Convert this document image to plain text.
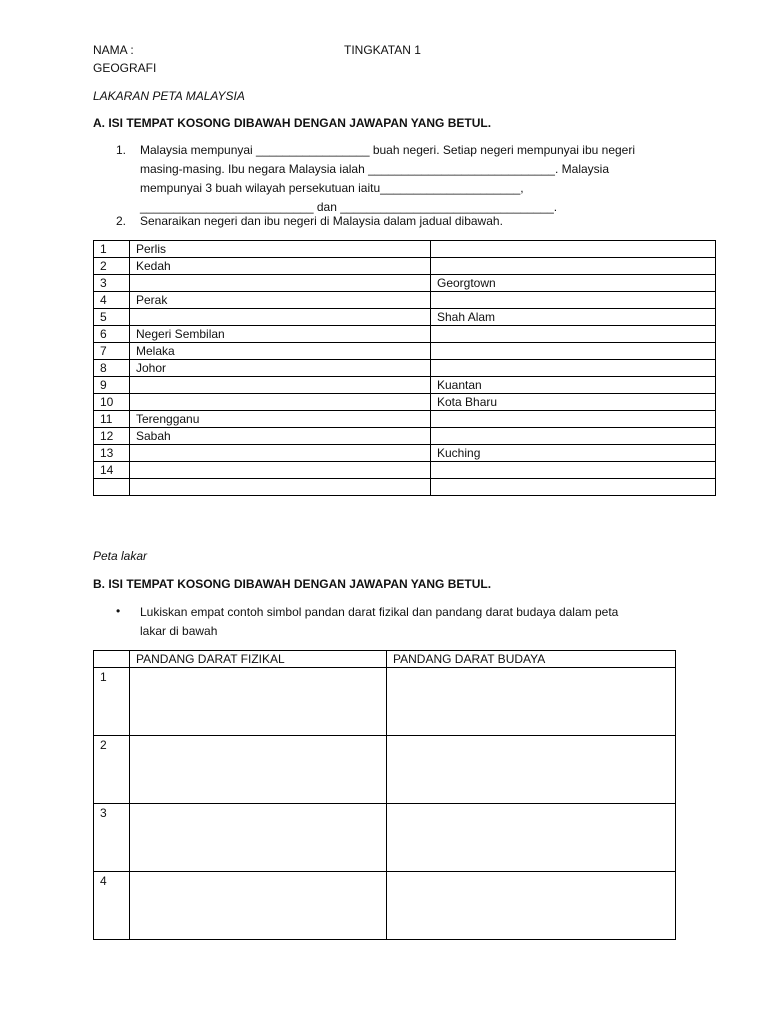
NAMA :	TINGKATAN 1
GEOGRAFI
LAKARAN PETA MALAYSIA
A. ISI TEMPAT KOSONG DIBAWAH DENGAN JAWAPAN YANG BETUL.
1. Malaysia mempunyai _________________ buah negeri. Setiap negeri mempunyai ibu negeri
masing-masing. Ibu negara Malaysia ialah ____________________________. Malaysia
mempunyai 3 buah wilayah persekutuan iaitu_____________________,
__________________________ dan ________________________________.
2. Senaraikan negeri dan ibu negeri di Malaysia dalam jadual dibawah.
1	Perlis	
2	Kedah	
3		Georgtown
4	Perak	
5		Shah Alam
6	Negeri Sembilan	
7	Melaka	
8	Johor	
9		Kuantan
10		Kota Bharu
11	Terengganu	
12	Sabah	
13		Kuching
14		

Peta lakar
B. ISI TEMPAT KOSONG DIBAWAH DENGAN JAWAPAN YANG BETUL.
• Lukiskan empat contoh simbol pandan darat fizikal dan pandang darat budaya dalam peta
lakar di bawah
	PANDANG DARAT FIZIKAL	PANDANG DARAT BUDAYA
1		
2		
3		
4		
